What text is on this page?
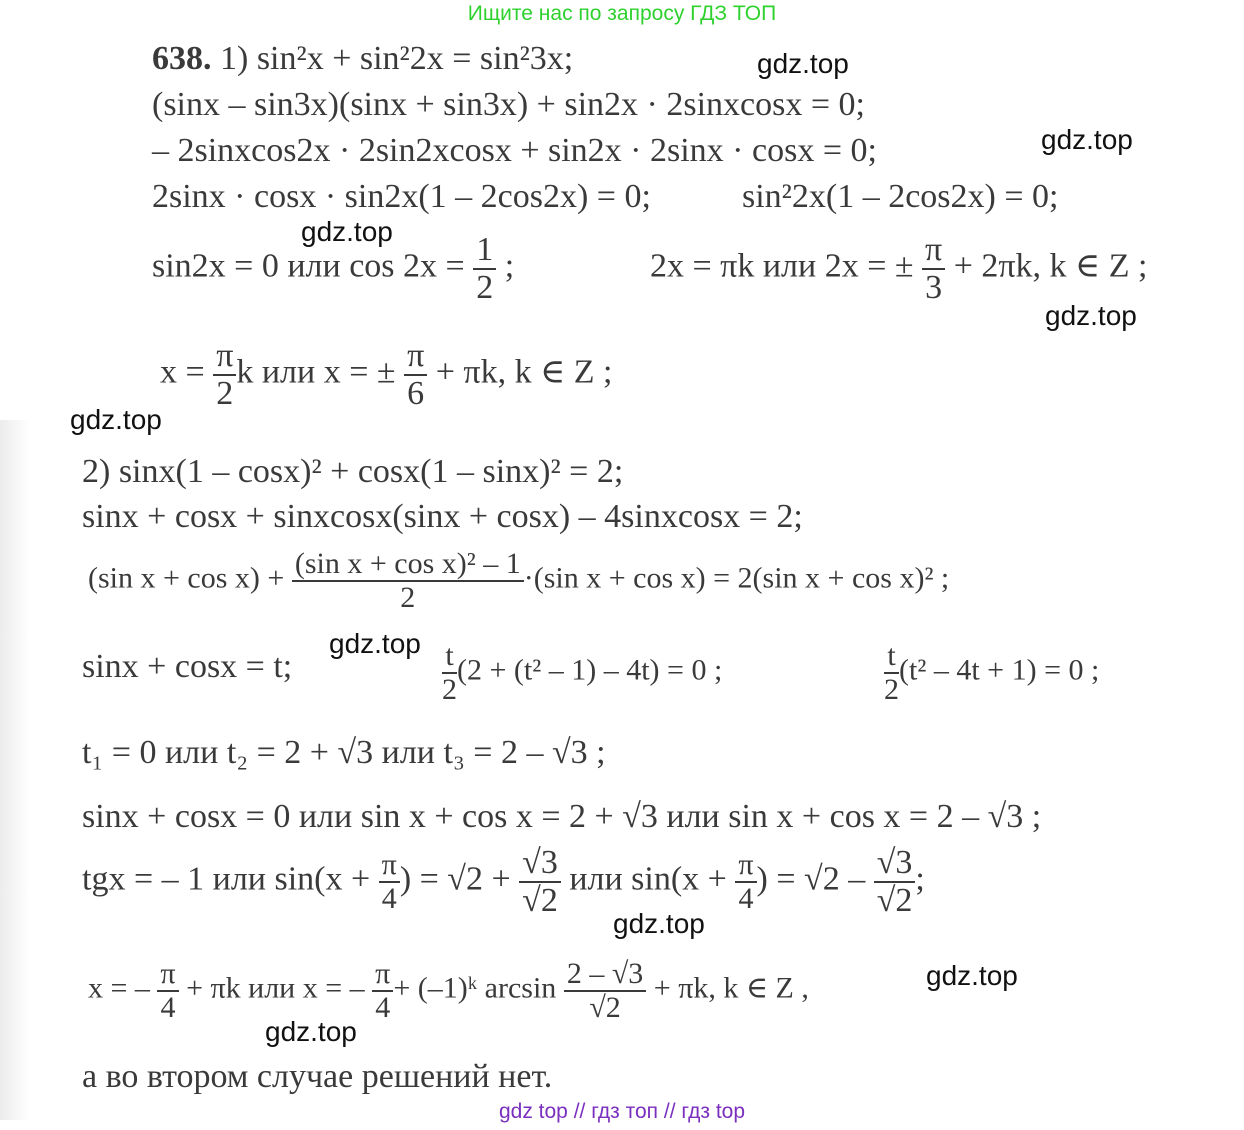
Ищите нас по запросу ГДЗ ТОП
638. 1) sin²x + sin²2x = sin²3x;
(sinx – sin3x)(sinx + sin3x) + sin2x · 2sinxcosx = 0;
– 2sinxcos2x · 2sin2xcosx + sin2x · 2sinx · cosx = 0;
2sinx · cosx · sin2x(1 – 2cos2x) = 0;	sin²2x(1 – 2cos2x) = 0;
sin2x = 0 или $\cos 2x = \frac{1}{2}$ ;	2x = πk или 2x = ± $\frac{\pi}{3} + 2\pi k$, k ∈ Z ;
$x = \frac{\pi}{2}$ k или x = ± $\frac{\pi}{6} + \pi k$, k ∈ Z ;
2) sinx(1 – cosx)² + cosx(1 – sinx)² = 2;
sinx + cosx + sinxcosx(sinx + cosx) – 4sinxcosx = 2;
(sin $x + \cos x) + \frac{\text{(sin x + cos x)² – 1}}{2} \cdot(\sin$ x + cos x) = 2(sin x + cos x)² ;
sinx + cosx = t;	$\frac{t}{2} (2 + (t^2 - 1) - 4t) = 0$ ;	$\frac{t}{2} (t^2 - 4t + 1) = 0$ ;
t₁ = 0 или t₂ = 2 + √3 или t₃ = 2 – √3 ;
sinx + cosx = 0 или sin x + cos x = 2 + √3 или sin x + cos x = 2 – √3 ;
tgx = – 1 или $\sin(x + \frac{\pi}{4}$ ) = $√2 + \frac{√3}{√2}$ или $\sin(x + \frac{\pi}{4}$ ) = $√2 - \frac{√3}{√2}$ ;
x = – $\frac{\pi}{4} + \pi k$ или x = – $\frac{\pi}{4}$ + (–1)ᵏ $\arcsin \frac{2 - √3}{√2} + \pi k$, k ∈ Z ,
а во втором случае решений нет.
gdz.top
gdz.top
gdz.top
gdz.top
gdz.top
gdz.top
gdz.top
gdz.top
gdz.top
gdz top // гдз топ // гдз top
